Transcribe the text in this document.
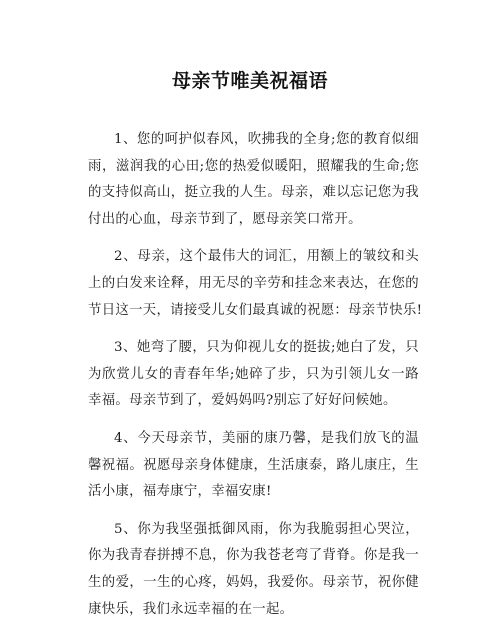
母亲节唯美祝福语
1、您的呵护似春风，吹拂我的全身;您的教育似细
雨，滋润我的心田;您的热爱似暖阳，照耀我的生命;您
的支持似高山，挺立我的人生。母亲，难以忘记您为我
付出的心血，母亲节到了，愿母亲笑口常开。
2、母亲，这个最伟大的词汇，用额上的皱纹和头
上的白发来诠释，用无尽的辛劳和挂念来表达，在您的
节日这一天，请接受儿女们最真诚的祝愿：母亲节快乐!
3、她弯了腰，只为仰视儿女的挺拔;她白了发，只
为欣赏儿女的青春年华;她碎了步，只为引领儿女一路
幸福。母亲节到了，爱妈妈吗?别忘了好好问候她。
4、今天母亲节，美丽的康乃馨，是我们放飞的温
馨祝福。祝愿母亲身体健康，生活康泰，路儿康庄，生
活小康，福寿康宁，幸福安康!
5、你为我坚强抵御风雨，你为我脆弱担心哭泣，
你为我青春拼搏不息，你为我苍老弯了背脊。你是我一
生的爱，一生的心疼，妈妈，我爱你。母亲节，祝你健
康快乐，我们永远幸福的在一起。
